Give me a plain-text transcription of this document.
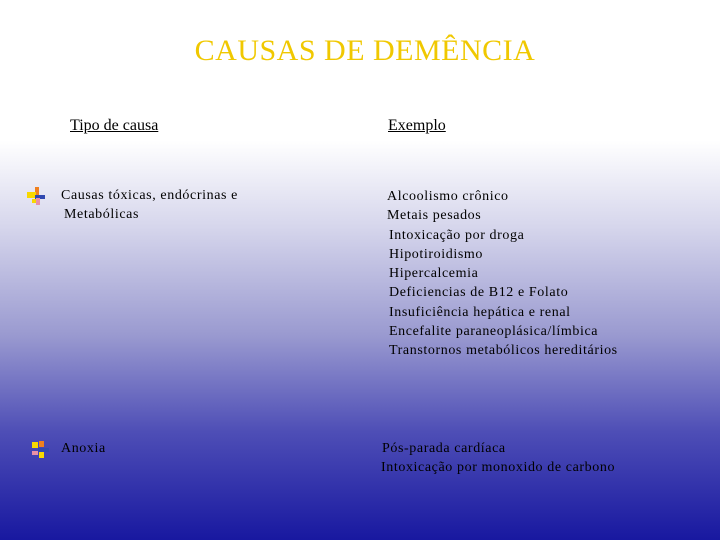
CAUSAS DE DEMÊNCIA
Tipo de causa	Exemplo
Causas tóxicas, endócrinas e
Metabólicas
Alcoolismo crônico
Metais pesados
Intoxicação por droga
Hipotiroidismo
Hipercalcemia
Deficiencias de B12 e Folato
Insuficiência hepática e renal
Encefalite paraneoplásica/límbica
Transtornos metabólicos hereditários
Anoxia	Pós-parada cardíaca
Intoxicação por monoxido de carbono
